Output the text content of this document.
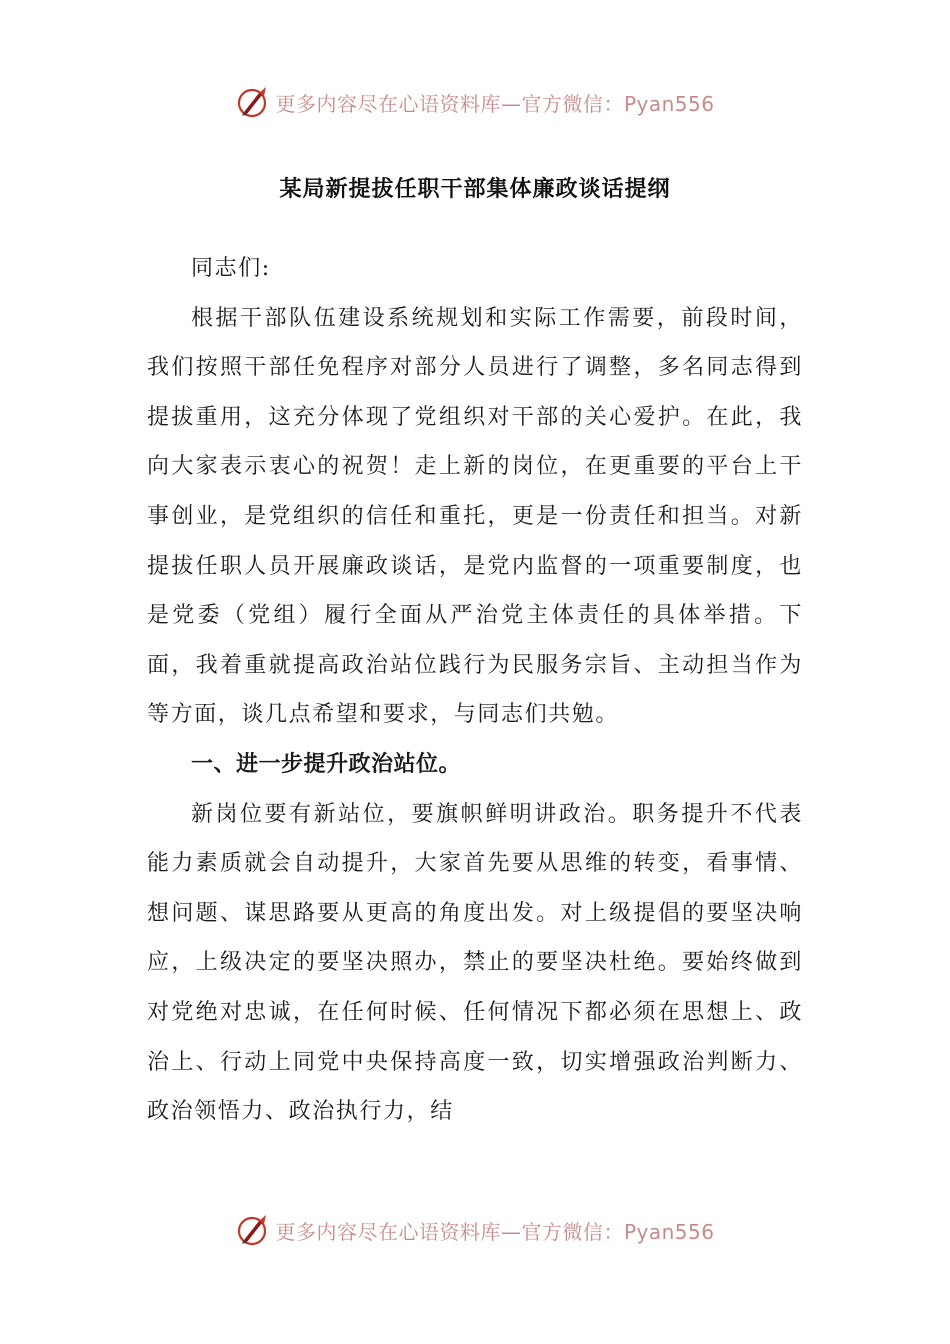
更多内容尽在心语资料库—官方微信：Pyan556
某局新提拔任职干部集体廉政谈话提纲

同志们:

根据干部队伍建设系统规划和实际工作需要，前段时间，我们按照干部任免程序对部分人员进行了调整，多名同志得到提拔重用，这充分体现了党组织对干部的关心爱护。在此，我向大家表示衷心的祝贺！走上新的岗位，在更重要的平台上干事创业，是党组织的信任和重托，更是一份责任和担当。对新提拔任职人员开展廉政谈话，是党内监督的一项重要制度，也是党委（党组）履行全面从严治党主体责任的具体举措。下面，我着重就提高政治站位践行为民服务宗旨、主动担当作为等方面，谈几点希望和要求，与同志们共勉。

一、进一步提升政治站位。

新岗位要有新站位，要旗帜鲜明讲政治。职务提升不代表能力素质就会自动提升，大家首先要从思维的转变，看事情、想问题、谋思路要从更高的角度出发。对上级提倡的要坚决响应，上级决定的要坚决照办，禁止的要坚决杜绝。要始终做到对党绝对忠诚，在任何时候、任何情况下都必须在思想上、政治上、行动上同党中央保持高度一致，切实增强政治判断力、政治领悟力、政治执行力，结

更多内容尽在心语资料库—官方微信：Pyan556
